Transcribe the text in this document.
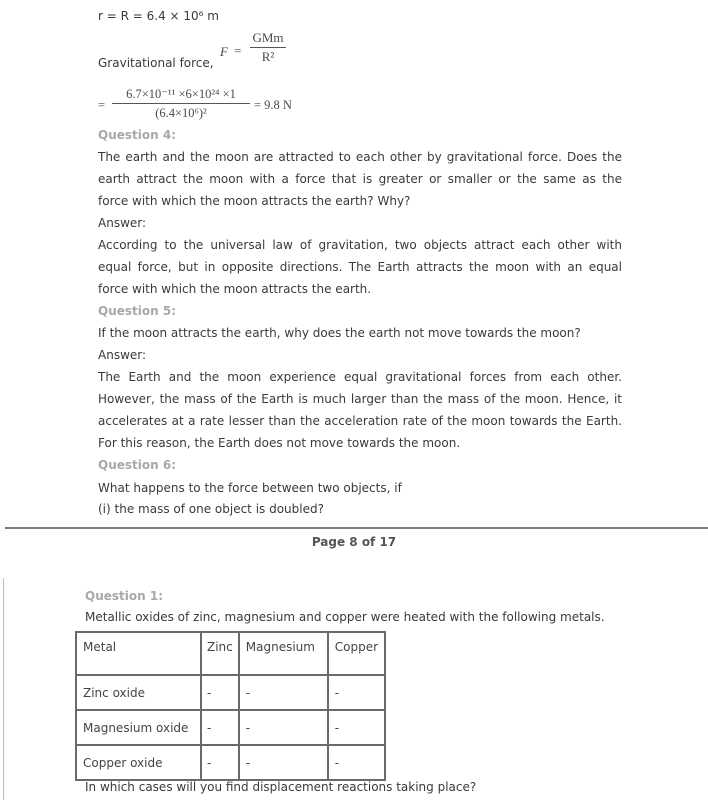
r = R = 6.4 × 10⁶ m
F =
GMm
R²
Gravitational force,
= $\frac{\text{6.7×10⁻¹¹ ×6×10²⁴ ×1}}{\text{(6.4×10⁶)²}} = 9.8$ N
Question 4:
The earth and the moon are attracted to each other by gravitational force. Does the
earth attract the moon with a force that is greater or smaller or the same as the
force with which the moon attracts the earth? Why?
Answer:
According to the universal law of gravitation, two objects attract each other with
equal force, but in opposite directions. The Earth attracts the moon with an equal
force with which the moon attracts the earth.
Question 5:
If the moon attracts the earth, why does the earth not move towards the moon?
Answer:
The Earth and the moon experience equal gravitational forces from each other.
However, the mass of the Earth is much larger than the mass of the moon. Hence, it
accelerates at a rate lesser than the acceleration rate of the moon towards the Earth.
For this reason, the Earth does not move towards the moon.
Question 6:
What happens to the force between two objects, if
(i) the mass of one object is doubled?
Page 8 of 17
Question 1:
Metallic oxides of zinc, magnesium and copper were heated with the following metals.
Metal	Zinc	Magnesium	Copper
Zinc oxide	-	-	-
Magnesium oxide	-	-	-
Copper oxide	-	-	-
In which cases will you find displacement reactions taking place?
